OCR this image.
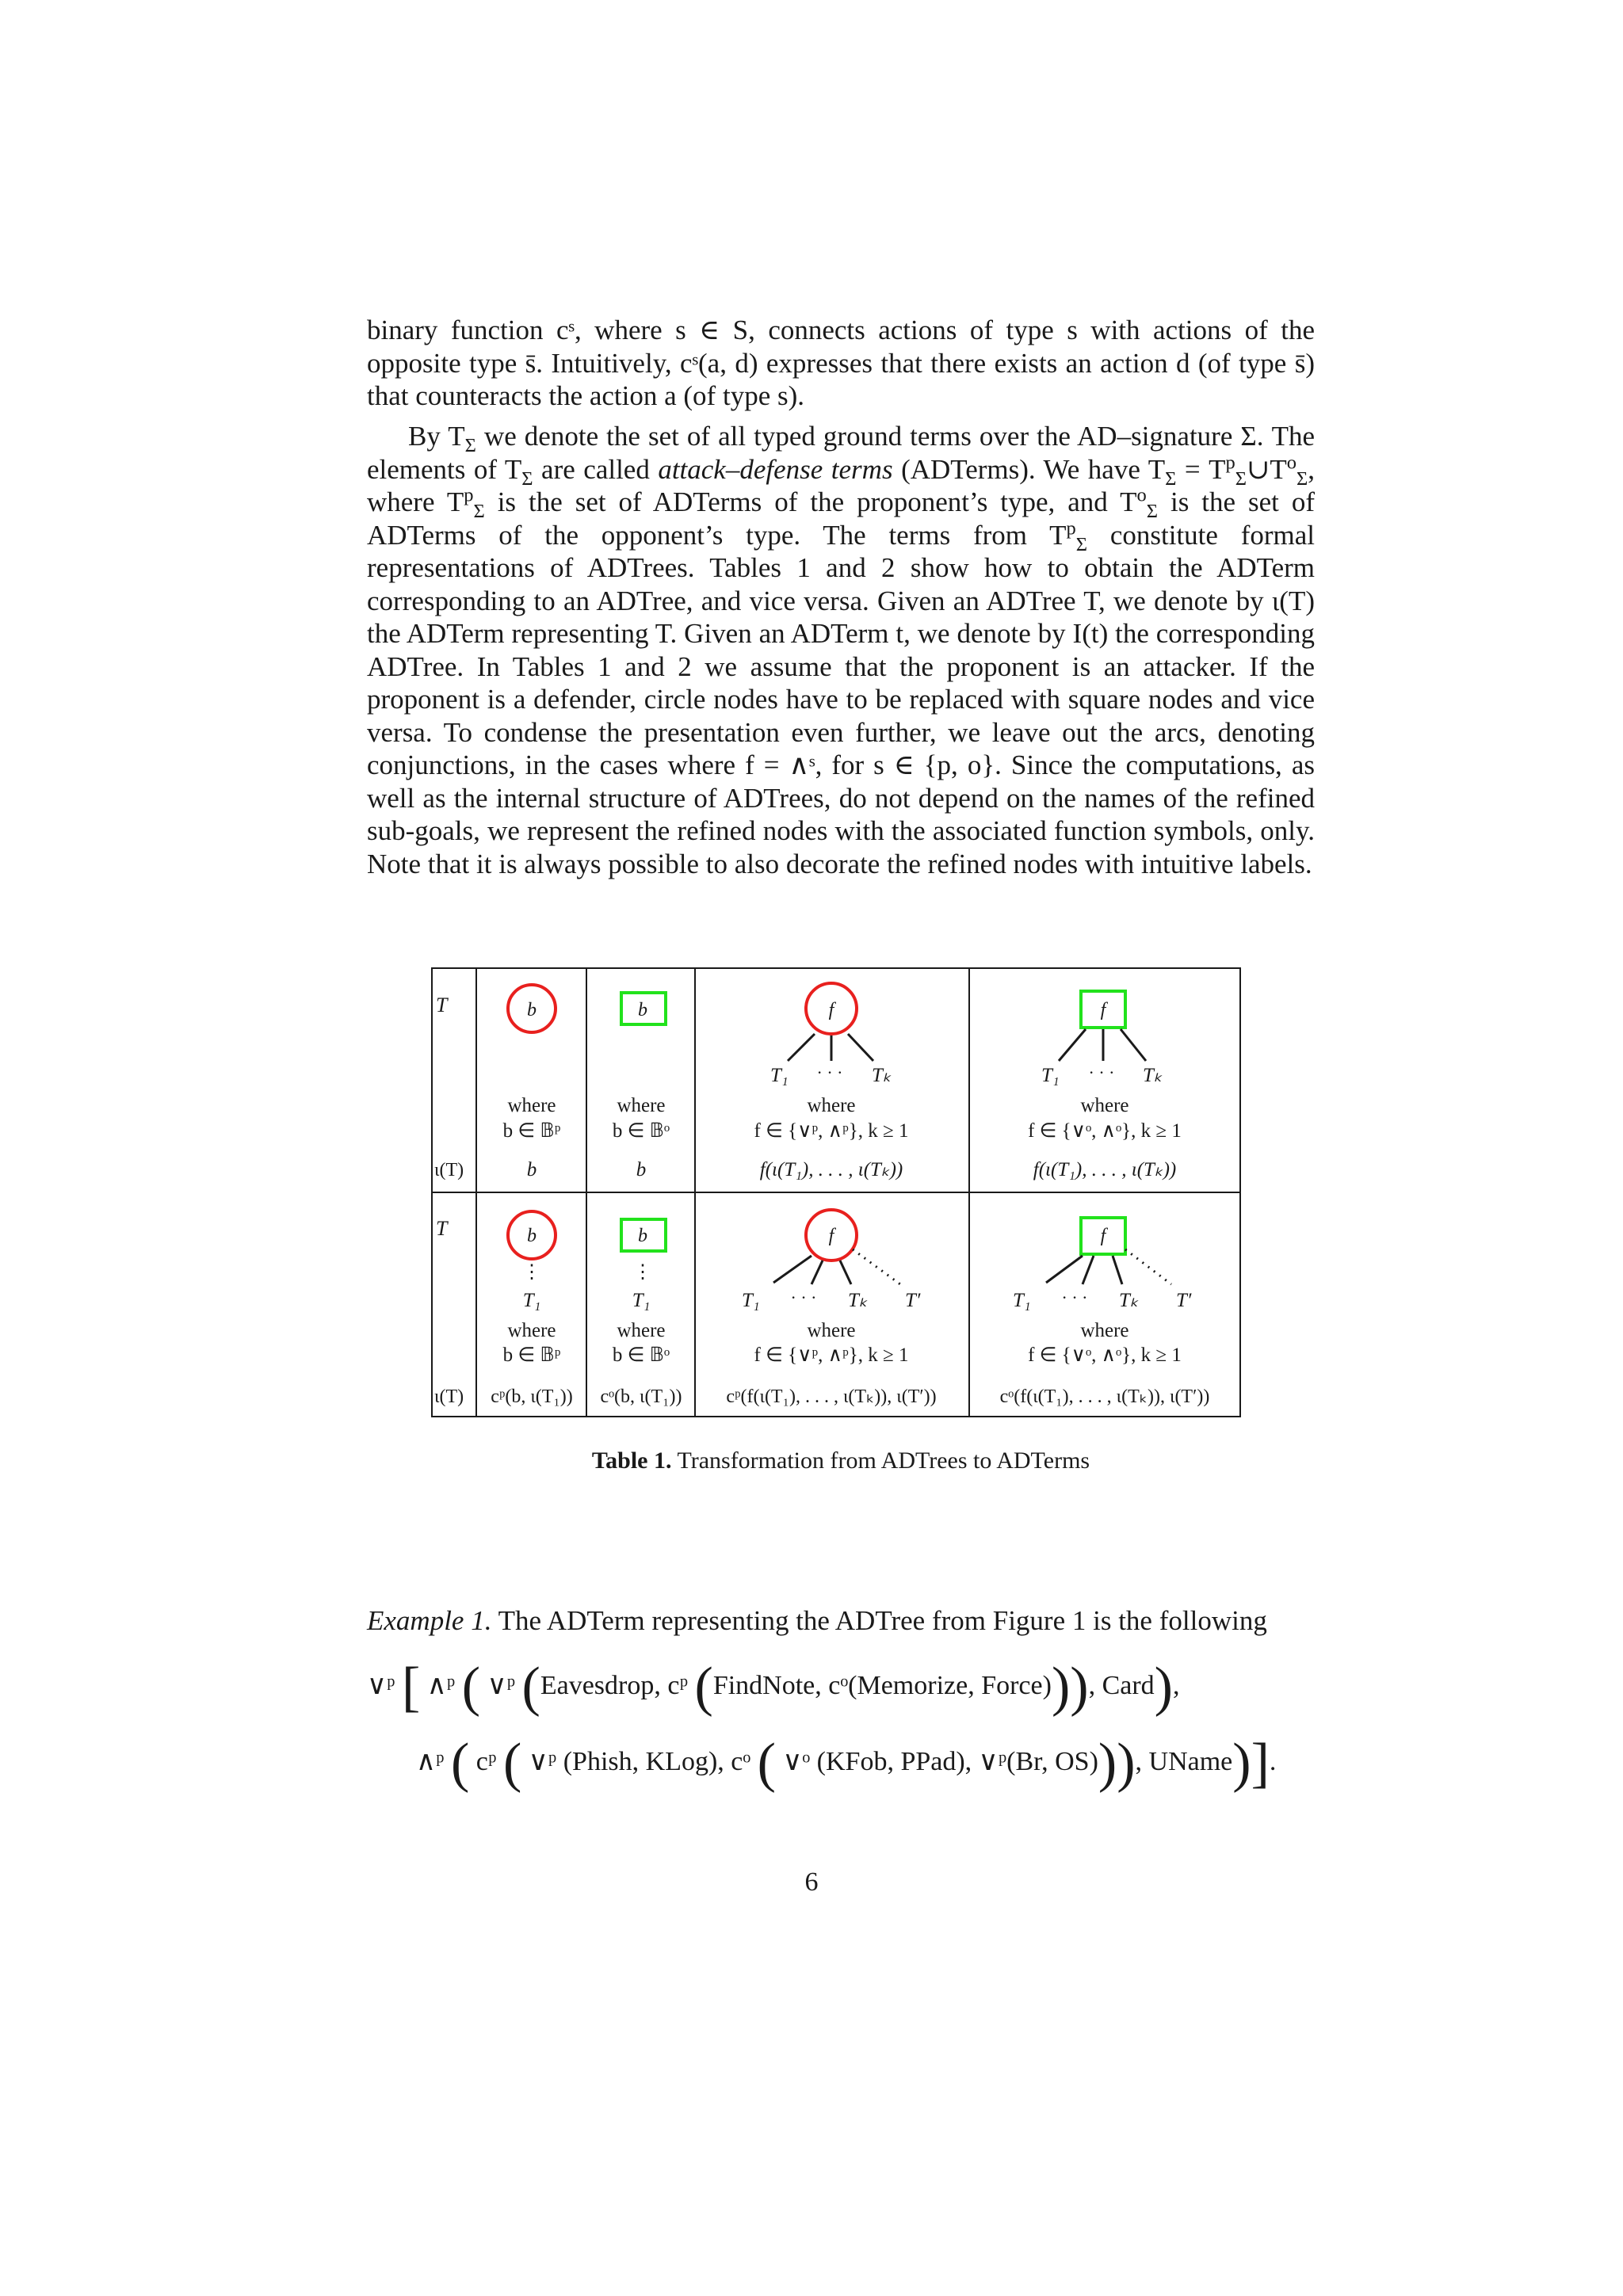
binary function cˢ, where s ∈ S, connects actions of type s with actions of the opposite type s̄. Intuitively, cˢ(a, d) expresses that there exists an action d (of type s̄) that counteracts the action a (of type s).

By $T_\Sigma$ we denote the set of all typed ground terms over the AD–signature Σ. The elements of $T_\Sigma$ are called attack–defense terms (ADTerms). We have $T_\Sigma$ = $T^p_\Sigma\cup T^o_\Sigma$, where $T^p_\Sigma$ is the set of ADTerms of the proponent’s type, and $T^o_\Sigma$ is the set of ADTerms of the opponent’s type. The terms from $T^p_\Sigma$ constitute formal representations of ADTrees. Tables 1 and 2 show how to obtain the ADTerm corresponding to an ADTree, and vice versa. Given an ADTree T, we denote by ι(T) the ADTerm representing T. Given an ADTerm t, we denote by I(t) the corresponding ADTree. In Tables 1 and 2 we assume that the proponent is an attacker. If the proponent is a defender, circle nodes have to be replaced with square nodes and vice versa. To condense the presentation even further, we leave out the arcs, denoting conjunctions, in the cases where f = ∧ˢ, for s ∈ {p, o}. Since the computations, as well as the internal structure of ADTrees, do not depend on the names of the refined sub-goals, we represent the refined nodes with the associated function symbols, only. Note that it is always possible to also decorate the refined nodes with intuitive labels.

T
ι(T)
b
where
b ∈ 𝔹ᵖ
b
b
where
b ∈ 𝔹ᵒ
b
f
T₁ · · · Tₖ
where
f ∈ {∨ᵖ, ∧ᵖ}, k ≥ 1
f(ι(T₁), . . . , ι(Tₖ))
f
T₁ · · · Tₖ
where
f ∈ {∨ᵒ, ∧ᵒ}, k ≥ 1
f(ι(T₁), . . . , ι(Tₖ))
T
ι(T)
b
⋮
T₁
where
b ∈ 𝔹ᵖ
cᵖ(b, ι(T₁))
b
⋮
T₁
where
b ∈ 𝔹ᵒ
cᵒ(b, ι(T₁))
f
T₁ · · · Tₖ T′
where
f ∈ {∨ᵖ, ∧ᵖ}, k ≥ 1
cᵖ(f(ι(T₁), . . . , ι(Tₖ)), ι(T′))
f
T₁ · · · Tₖ T′
where
f ∈ {∨ᵒ, ∧ᵒ}, k ≥ 1
cᵒ(f(ι(T₁), . . . , ι(Tₖ)), ι(T′))
Table 1. Transformation from ADTrees to ADTerms
Example 1. The ADTerm representing the ADTree from Figure 1 is the following
∨ᵖ [ ∧ᵖ ( ∨ᵖ (Eavesdrop, cᵖ (FindNote, cᵒ(Memorize, Force))), Card),
∧ᵖ ( cᵖ ( ∨ᵖ (Phish, KLog), cᵒ ( ∨ᵒ (KFob, PPad), ∨ᵖ(Br, OS))), UName)].
6
